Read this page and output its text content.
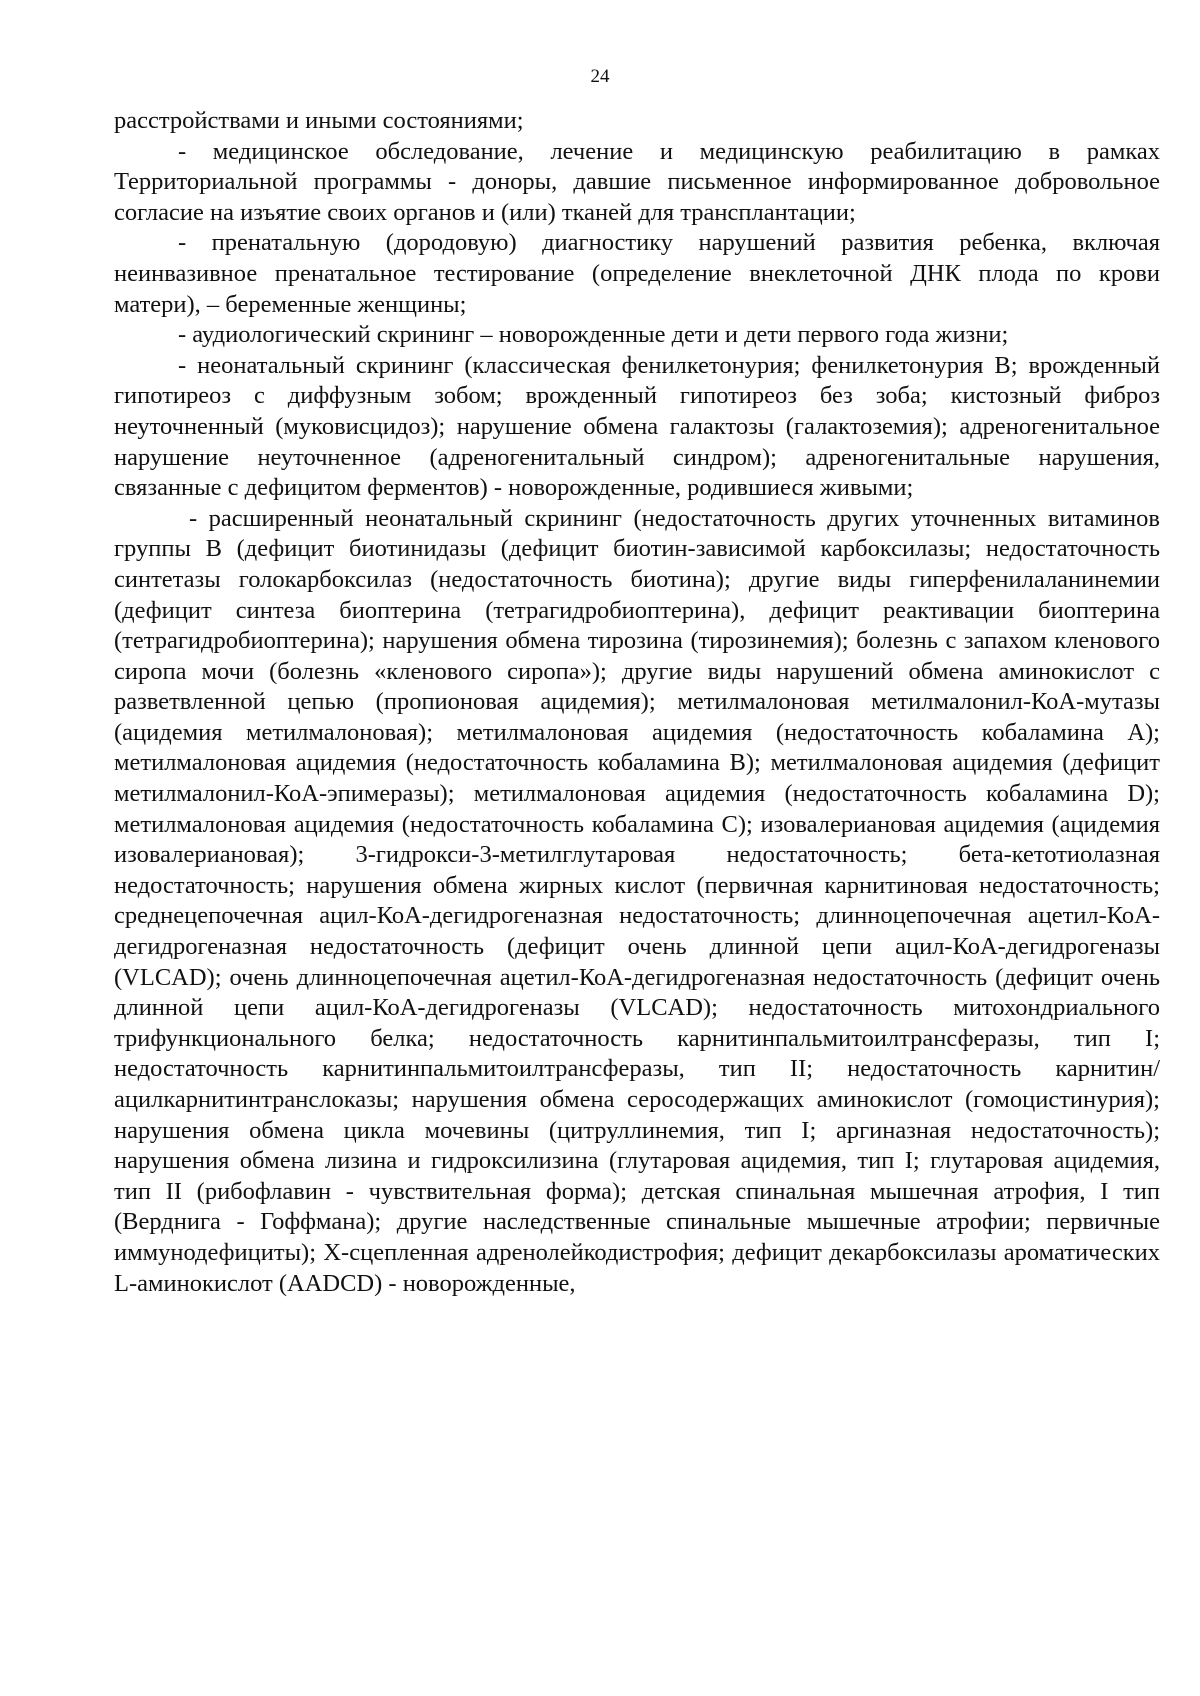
24

расстройствами и иными состояниями;

- медицинское обследование, лечение и медицинскую реабилитацию в рамках Территориальной программы - доноры, давшие письменное информированное добровольное согласие на изъятие своих органов и (или) тканей для трансплантации;

- пренатальную (дородовую) диагностику нарушений развития ребенка, включая неинвазивное пренатальное тестирование (определение внеклеточной ДНК плода по крови матери), – беременные женщины;

- аудиологический скрининг – новорожденные дети и дети первого года жизни;

- неонатальный скрининг (классическая фенилкетонурия; фенилкетонурия B; врожденный гипотиреоз с диффузным зобом; врожденный гипотиреоз без зоба; кистозный фиброз неуточненный (муковисцидоз); нарушение обмена галактозы (галактоземия); адреногенитальное нарушение неуточненное (адреногенитальный синдром); адреногенитальные нарушения, связанные с дефицитом ферментов) - новорожденные, родившиеся живыми;

- расширенный неонатальный скрининг (недостаточность других уточненных витаминов группы B (дефицит биотинидазы (дефицит биотин-зависимой карбоксилазы; недостаточность синтетазы голокарбоксилаз (недостаточность биотина); другие виды гиперфенилаланинемии (дефицит синтеза биоптерина (тетрагидробиоптерина), дефицит реактивации биоптерина (тетрагидробиоптерина); нарушения обмена тирозина (тирозинемия); болезнь с запахом кленового сиропа мочи (болезнь «кленового сиропа»); другие виды нарушений обмена аминокислот с разветвленной цепью (пропионовая ацидемия); метилмалоновая метилмалонил-КоА-мутазы (ацидемия метилмалоновая); метилмалоновая ацидемия (недостаточность кобаламина A); метилмалоновая ацидемия (недостаточность кобаламина B); метилмалоновая ацидемия (дефицит метилмалонил-КоА-эпимеразы); метилмалоновая ацидемия (недостаточность кобаламина D); метилмалоновая ацидемия (недостаточность кобаламина C); изовалериановая ацидемия (ацидемия изовалериановая); 3-гидрокси-3-метилглутаровая недостаточность; бета-кетотиолазная недостаточность; нарушения обмена жирных кислот (первичная карнитиновая недостаточность; среднецепочечная ацил-КоА-дегидрогеназная недостаточность; длинноцепочечная ацетил-КоА-дегидрогеназная недостаточность (дефицит очень длинной цепи ацил-КоА-дегидрогеназы (VLCAD); очень длинноцепочечная ацетил-КоА-дегидрогеназная недостаточность (дефицит очень длинной цепи ацил-КоА-дегидрогеназы (VLCAD); недостаточность митохондриального трифункционального белка; недостаточность карнитинпальмитоилтрансферазы, тип I; недостаточность карнитинпальмитоилтрансферазы, тип II; недостаточность карнитин/ацилкарнитинтранслоказы; нарушения обмена серосодержащих аминокислот (гомоцистинурия); нарушения обмена цикла мочевины (цитруллинемия, тип I; аргиназная недостаточность); нарушения обмена лизина и гидроксилизина (глутаровая ацидемия, тип I; глутаровая ацидемия, тип II (рибофлавин - чувствительная форма); детская спинальная мышечная атрофия, I тип (Верднига - Гоффмана); другие наследственные спинальные мышечные атрофии; первичные иммунодефициты); X-сцепленная адренолейкодистрофия; дефицит декарбоксилазы ароматических L-аминокислот (AADCD) - новорожденные,
